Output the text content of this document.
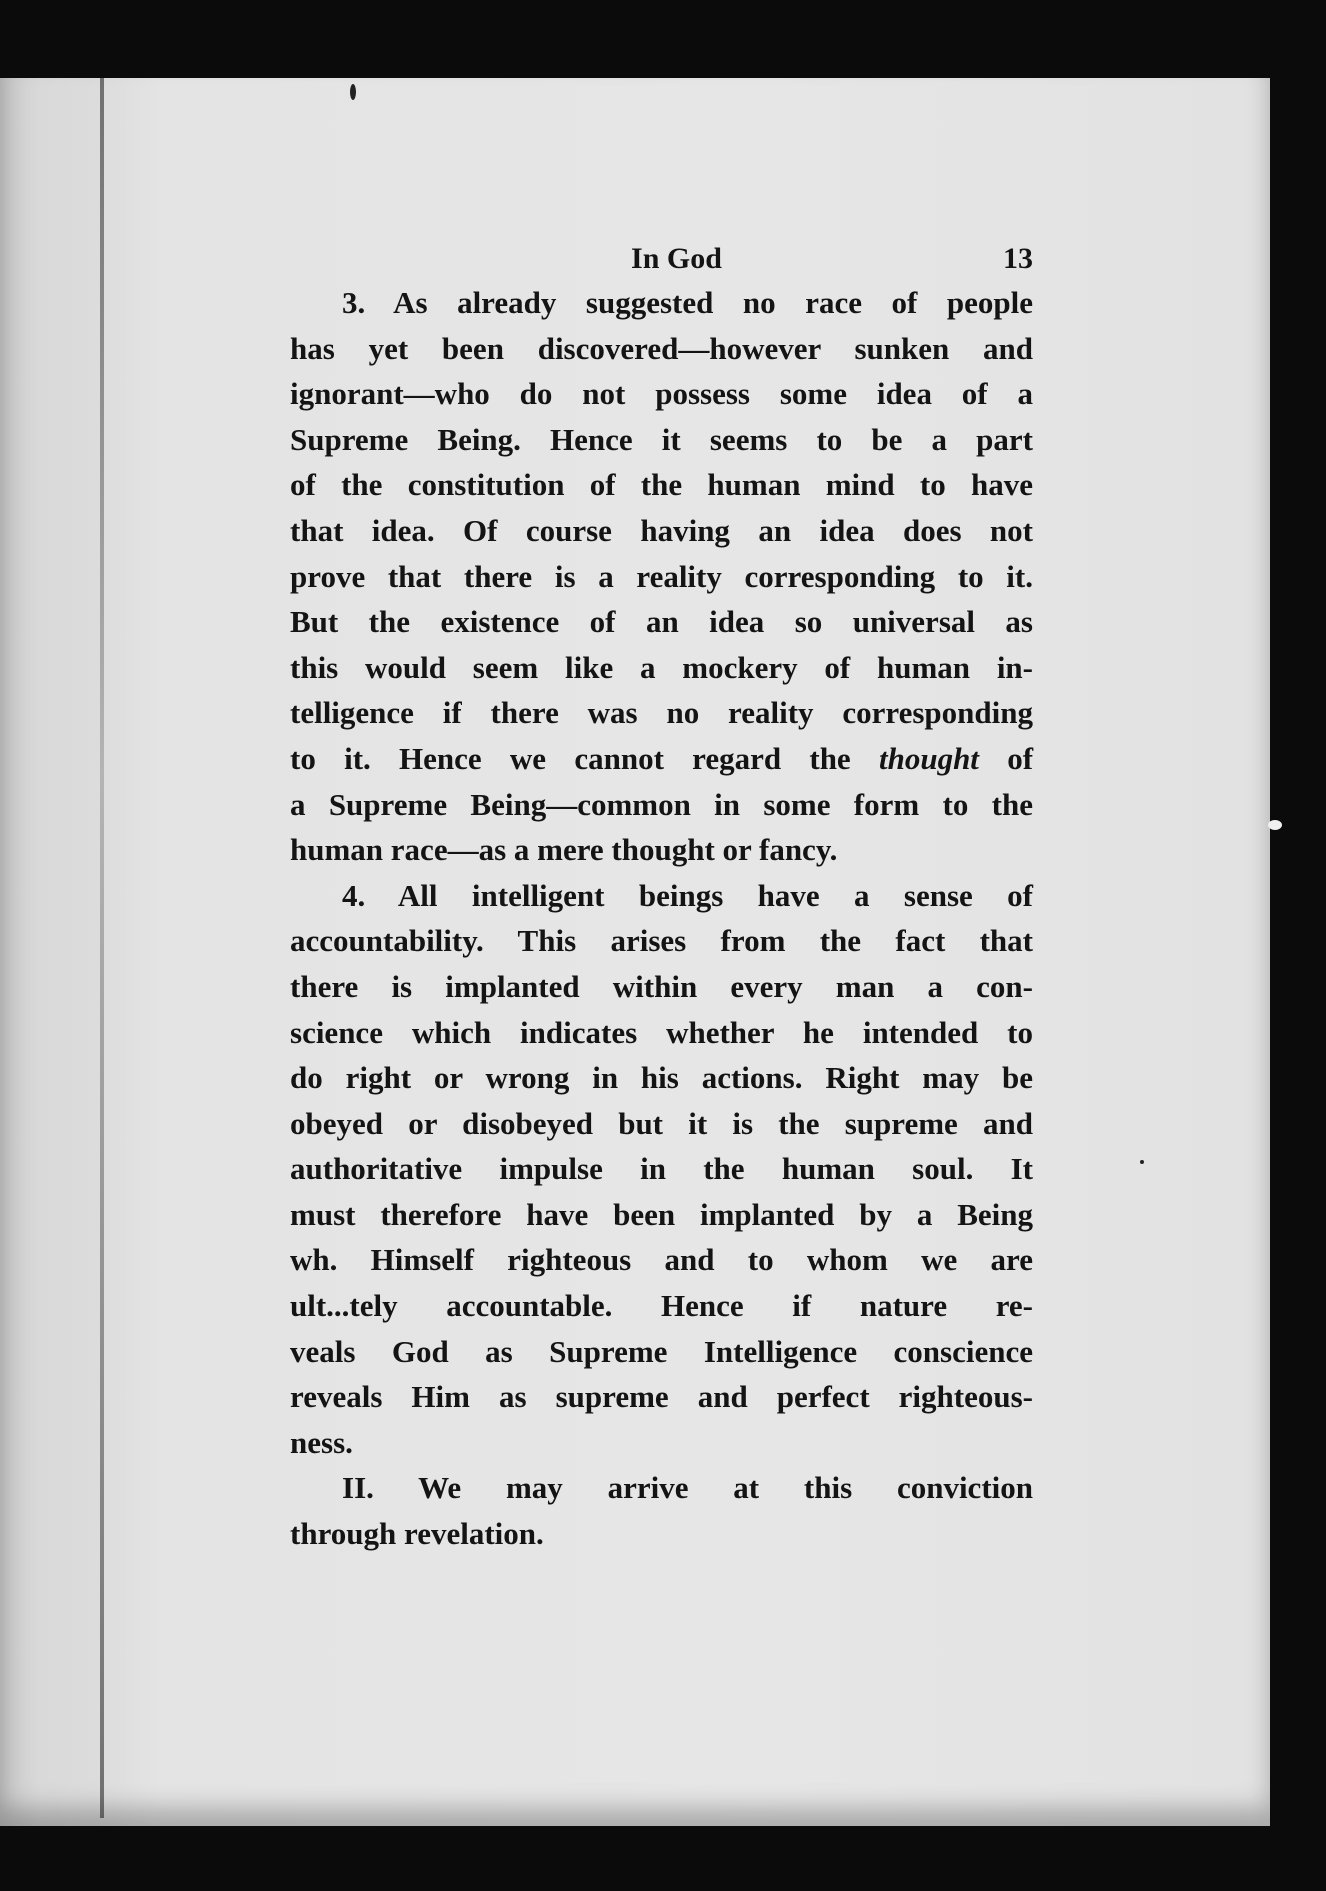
In God	13
3. As already suggested no race of people
has yet been discovered—however sunken and
ignorant—who do not possess some idea of a
Supreme Being. Hence it seems to be a part
of the constitution of the human mind to have
that idea. Of course having an idea does not
prove that there is a reality corresponding to it.
But the existence of an idea so universal as
this would seem like a mockery of human in-
telligence if there was no reality corresponding
to it. Hence we cannot regard the thought of
a Supreme Being—common in some form to the
human race—as a mere thought or fancy.
4. All intelligent beings have a sense of
accountability. This arises from the fact that
there is implanted within every man a con-
science which indicates whether he intended to
do right or wrong in his actions. Right may be
obeyed or disobeyed but it is the supreme and
authoritative impulse in the human soul. It
must therefore have been implanted by a Being
wh. Himself righteous and to whom we are
ult...tely accountable. Hence if nature re-
veals God as Supreme Intelligence conscience
reveals Him as supreme and perfect righteous-
ness.
II. We may arrive at this conviction
through revelation.
